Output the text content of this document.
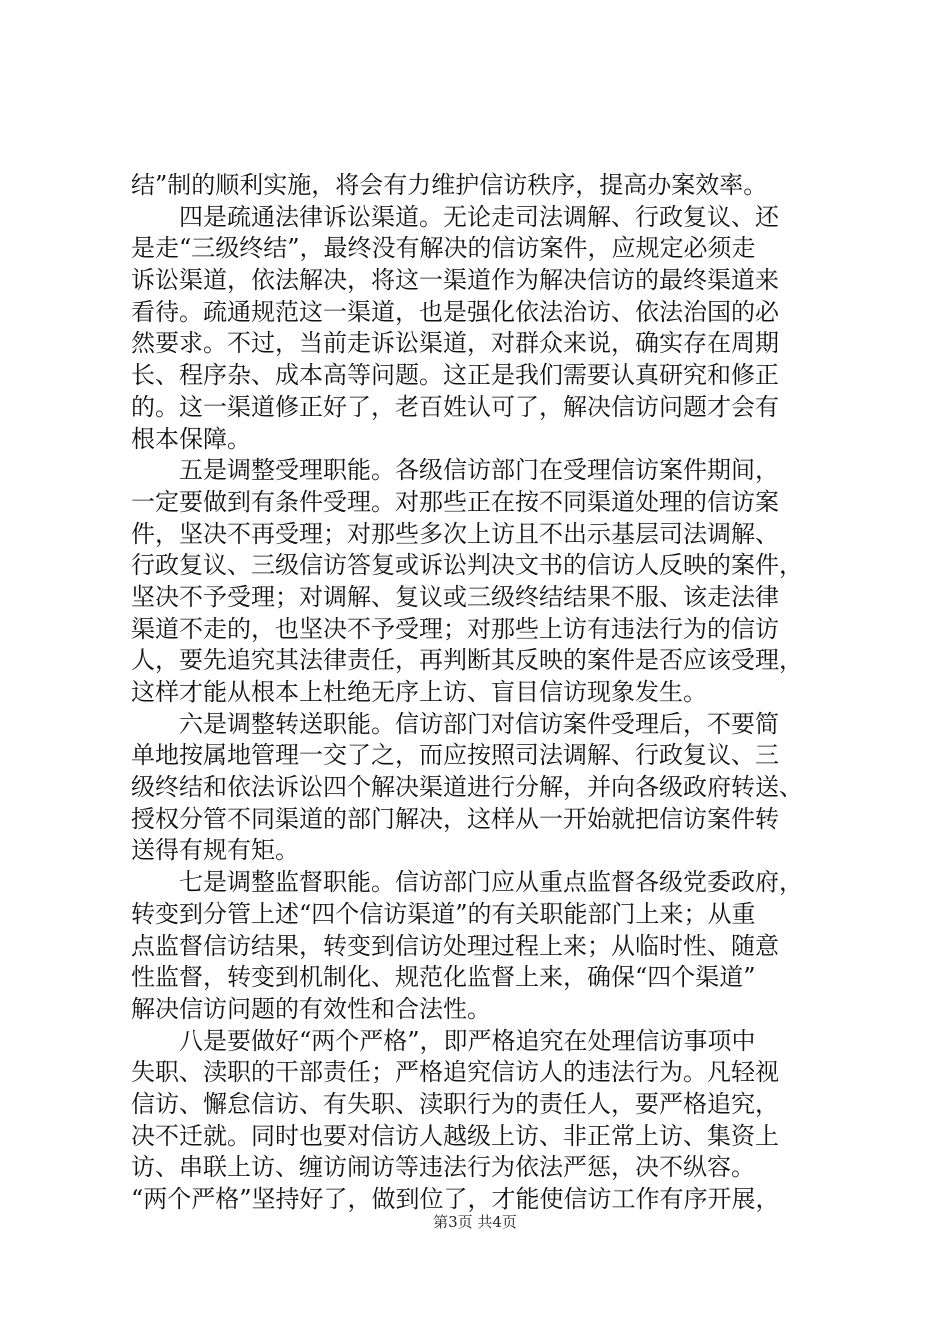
结”制的顺利实施，将会有力维护信访秩序，提高办案效率。
　　四是疏通法律诉讼渠道。无论走司法调解、行政复议、还
是走“三级终结”，最终没有解决的信访案件，应规定必须走
诉讼渠道，依法解决，将这一渠道作为解决信访的最终渠道来
看待。疏通规范这一渠道，也是强化依法治访、依法治国的必
然要求。不过，当前走诉讼渠道，对群众来说，确实存在周期
长、程序杂、成本高等问题。这正是我们需要认真研究和修正
的。这一渠道修正好了，老百姓认可了，解决信访问题才会有
根本保障。
　　五是调整受理职能。各级信访部门在受理信访案件期间，
一定要做到有条件受理。对那些正在按不同渠道处理的信访案
件，坚决不再受理；对那些多次上访且不出示基层司法调解、
行政复议、三级信访答复或诉讼判决文书的信访人反映的案件，
坚决不予受理；对调解、复议或三级终结结果不服、该走法律
渠道不走的，也坚决不予受理；对那些上访有违法行为的信访
人，要先追究其法律责任，再判断其反映的案件是否应该受理，
这样才能从根本上杜绝无序上访、盲目信访现象发生。
　　六是调整转送职能。信访部门对信访案件受理后，不要简
单地按属地管理一交了之，而应按照司法调解、行政复议、三
级终结和依法诉讼四个解决渠道进行分解，并向各级政府转送、
授权分管不同渠道的部门解决，这样从一开始就把信访案件转
送得有规有矩。
　　七是调整监督职能。信访部门应从重点监督各级党委政府，
转变到分管上述“四个信访渠道”的有关职能部门上来；从重
点监督信访结果，转变到信访处理过程上来；从临时性、随意
性监督，转变到机制化、规范化监督上来，确保“四个渠道”
解决信访问题的有效性和合法性。
　　八是要做好“两个严格”，即严格追究在处理信访事项中
失职、渎职的干部责任；严格追究信访人的违法行为。凡轻视
信访、懈怠信访、有失职、渎职行为的责任人，要严格追究，
决不迁就。同时也要对信访人越级上访、非正常上访、集资上
访、串联上访、缠访闹访等违法行为依法严惩，决不纵容。
“两个严格”坚持好了，做到位了，才能使信访工作有序开展，
第3页 共4页
